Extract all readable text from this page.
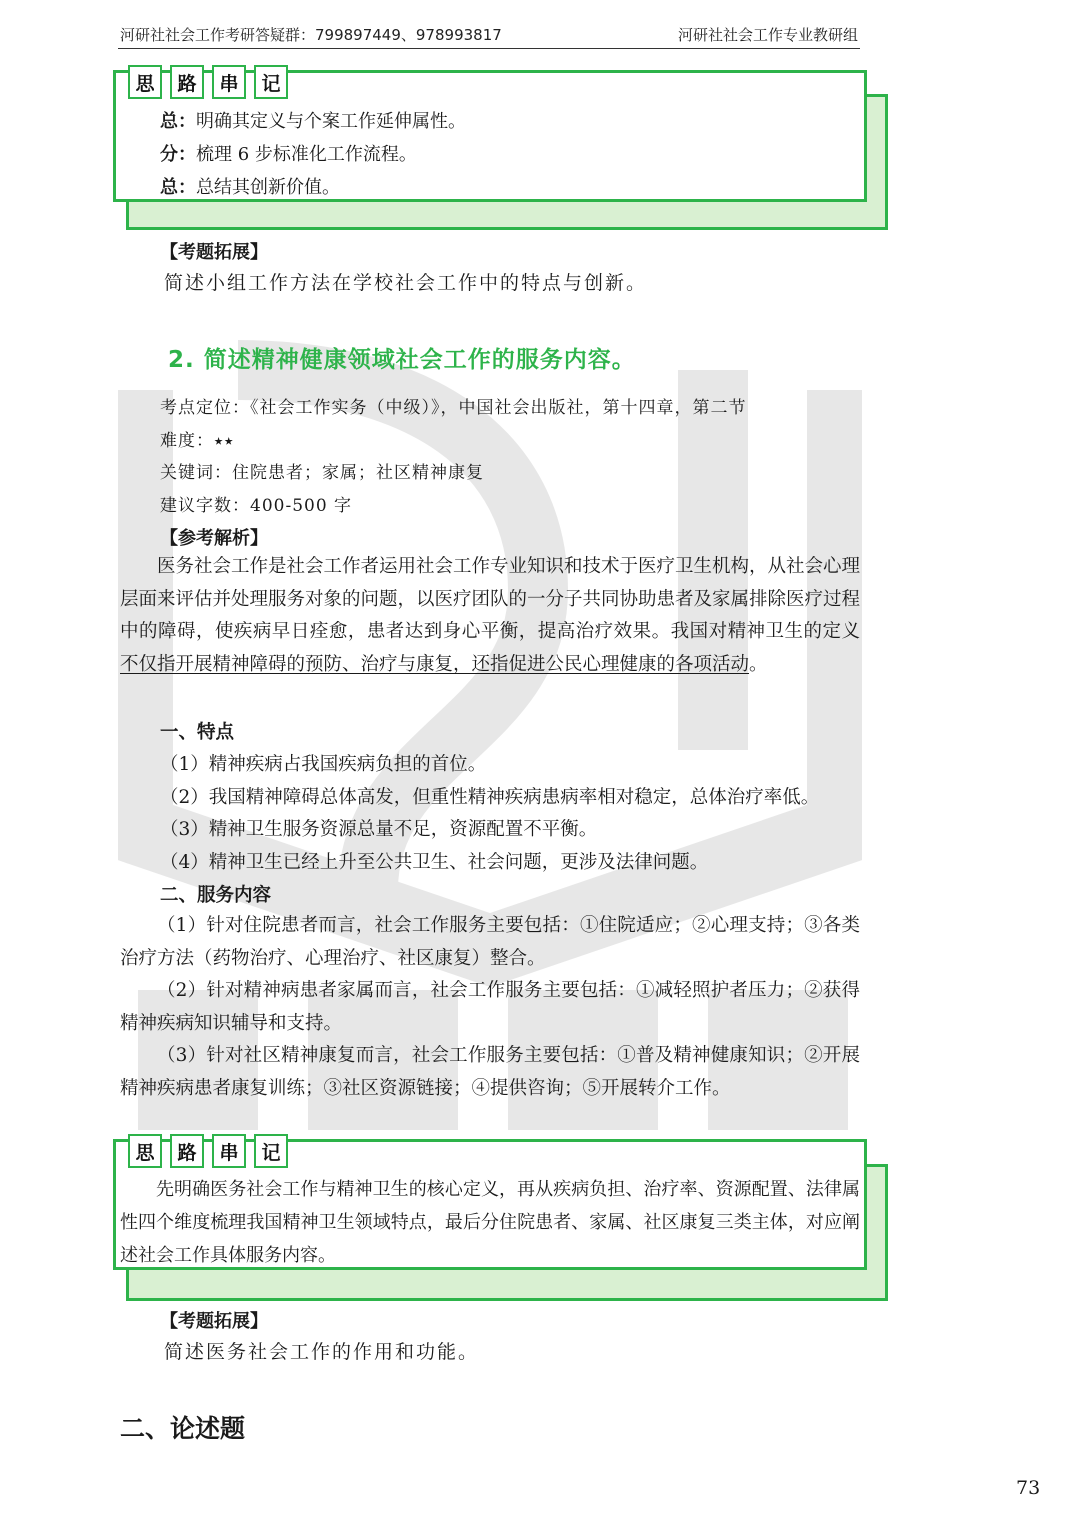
河研社社会工作考研答疑群：799897449、978993817	河研社社会工作专业教研组
思	路	串	记
总：明确其定义与个案工作延伸属性。
分：梳理 6 步标准化工作流程。
总：总结其创新价值。
【考题拓展】
简述小组工作方法在学校社会工作中的特点与创新。
2. 简述精神健康领域社会工作的服务内容。
考点定位：《社会工作实务（中级）》，中国社会出版社，第十四章，第二节
难度：⭑⭑
关键词：住院患者；家属；社区精神康复
建议字数：400-500 字
【参考解析】
医务社会工作是社会工作者运用社会工作专业知识和技术于医疗卫生机构，从社会心理层面来评估并处理服务对象的问题，以医疗团队的一分子共同协助患者及家属排除医疗过程中的障碍，使疾病早日痊愈，患者达到身心平衡，提高治疗效果。我国对精神卫生的定义不仅指开展精神障碍的预防、治疗与康复，还指促进公民心理健康的各项活动。
一、特点
（1）精神疾病占我国疾病负担的首位。
（2）我国精神障碍总体高发，但重性精神疾病患病率相对稳定，总体治疗率低。
（3）精神卫生服务资源总量不足，资源配置不平衡。
（4）精神卫生已经上升至公共卫生、社会问题，更涉及法律问题。
二、服务内容
（1）针对住院患者而言，社会工作服务主要包括：①住院适应；②心理支持；③各类治疗方法（药物治疗、心理治疗、社区康复）整合。
（2）针对精神病患者家属而言，社会工作服务主要包括：①减轻照护者压力；②获得精神疾病知识辅导和支持。
（3）针对社区精神康复而言，社会工作服务主要包括：①普及精神健康知识；②开展精神疾病患者康复训练；③社区资源链接；④提供咨询；⑤开展转介工作。
思	路	串	记
先明确医务社会工作与精神卫生的核心定义，再从疾病负担、治疗率、资源配置、法律属性四个维度梳理我国精神卫生领域特点，最后分住院患者、家属、社区康复三类主体，对应阐述社会工作具体服务内容。
【考题拓展】
简述医务社会工作的作用和功能。
二、论述题
73
